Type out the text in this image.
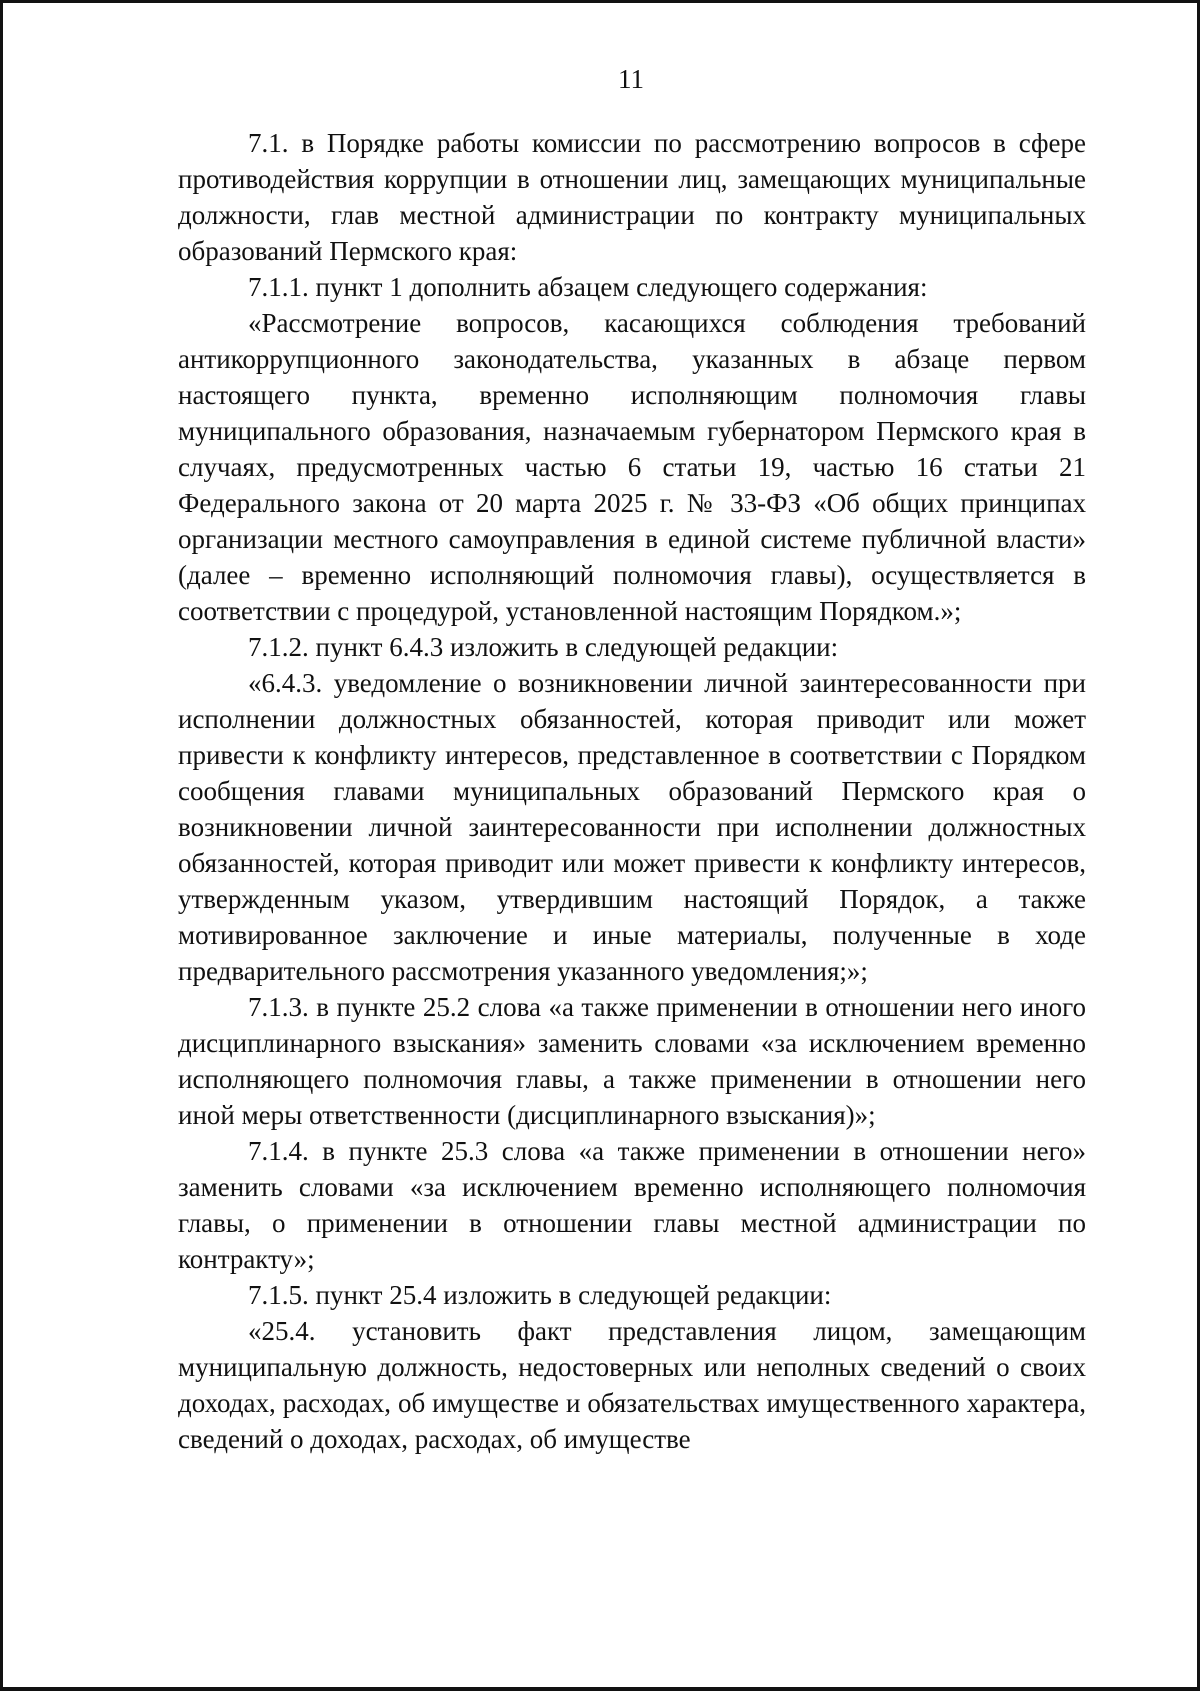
11

7.1. в Порядке работы комиссии по рассмотрению вопросов в сфере противодействия коррупции в отношении лиц, замещающих муниципальные должности, глав местной администрации по контракту муниципальных образований Пермского края:

7.1.1. пункт 1 дополнить абзацем следующего содержания:

«Рассмотрение вопросов, касающихся соблюдения требований антикоррупционного законодательства, указанных в абзаце первом настоящего пункта, временно исполняющим полномочия главы муниципального образования, назначаемым губернатором Пермского края в случаях, предусмотренных частью 6 статьи 19, частью 16 статьи 21 Федерального закона от 20 марта 2025 г. № 33-ФЗ «Об общих принципах организации местного самоуправления в единой системе публичной власти» (далее – временно исполняющий полномочия главы), осуществляется в соответствии с процедурой, установленной настоящим Порядком.»;

7.1.2. пункт 6.4.3 изложить в следующей редакции:

«6.4.3. уведомление о возникновении личной заинтересованности при исполнении должностных обязанностей, которая приводит или может привести к конфликту интересов, представленное в соответствии с Порядком сообщения главами муниципальных образований Пермского края о возникновении личной заинтересованности при исполнении должностных обязанностей, которая приводит или может привести к конфликту интересов, утвержденным указом, утвердившим настоящий Порядок, а также мотивированное заключение и иные материалы, полученные в ходе предварительного рассмотрения указанного уведомления;»;

7.1.3. в пункте 25.2 слова «а также применении в отношении него иного дисциплинарного взыскания» заменить словами «за исключением временно исполняющего полномочия главы, а также применении в отношении него иной меры ответственности (дисциплинарного взыскания)»;

7.1.4. в пункте 25.3 слова «а также применении в отношении него» заменить словами «за исключением временно исполняющего полномочия главы, о применении в отношении главы местной администрации по контракту»;

7.1.5. пункт 25.4 изложить в следующей редакции:

«25.4. установить факт представления лицом, замещающим муниципальную должность, недостоверных или неполных сведений о своих доходах, расходах, об имуществе и обязательствах имущественного характера, сведений о доходах, расходах, об имуществе
